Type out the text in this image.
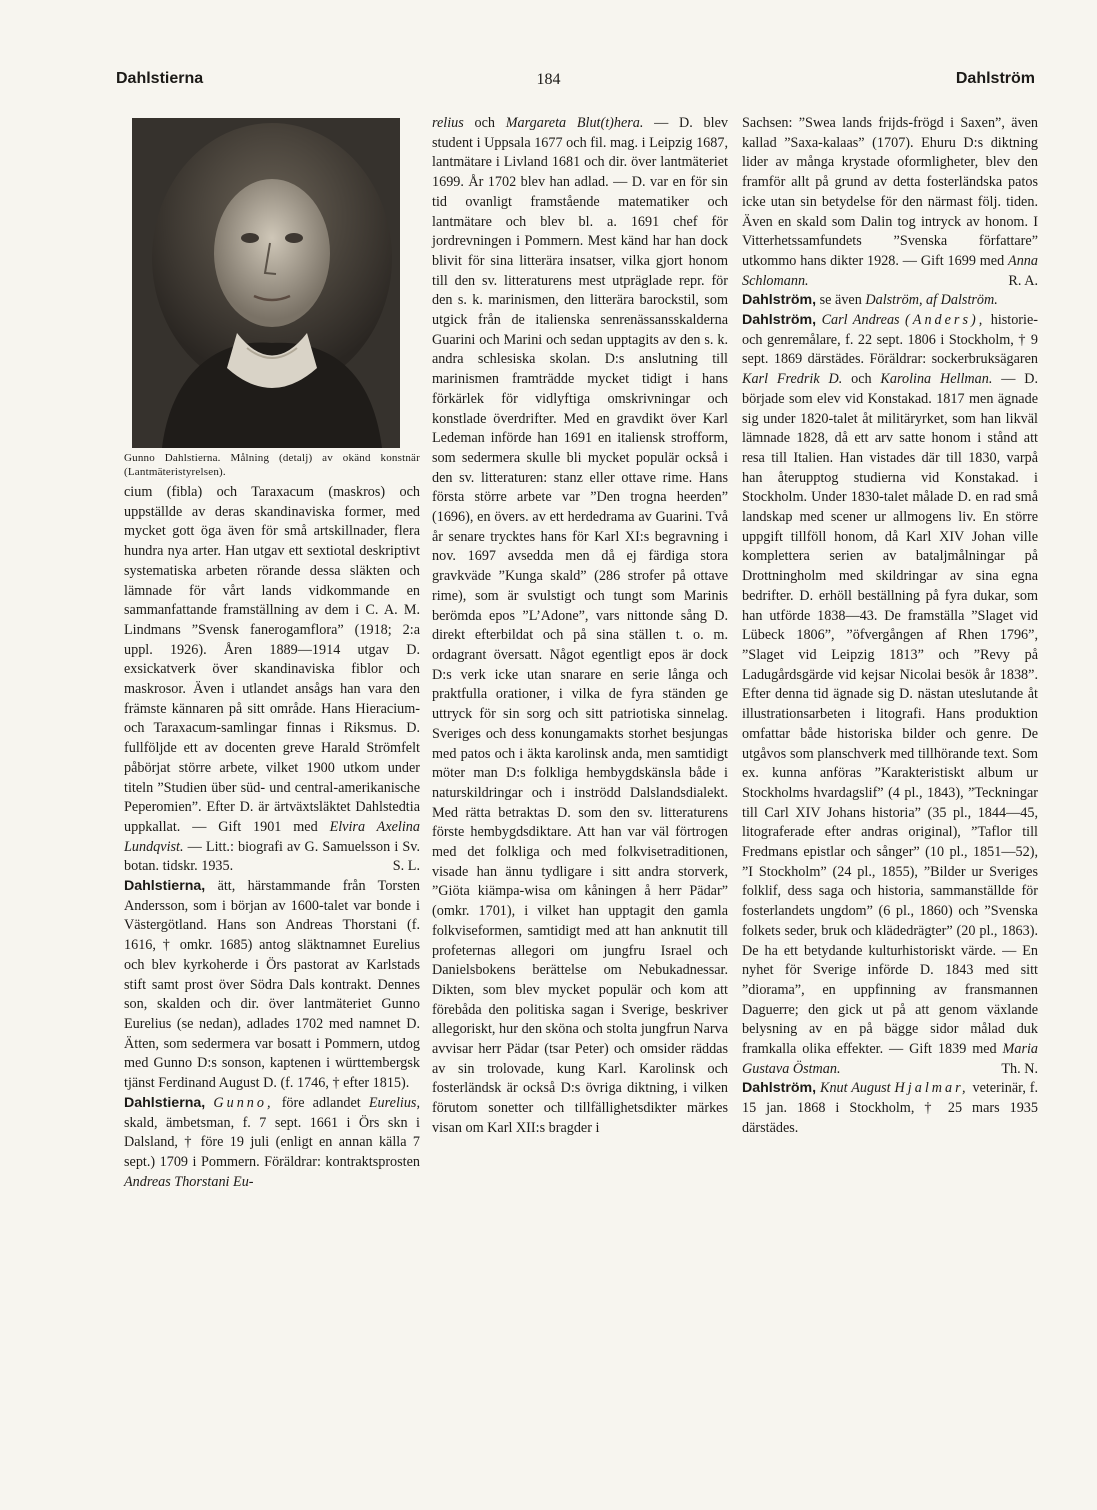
Dahlstierna	184	Dahlström
Gunno Dahlstierna. Målning (detalj) av okänd konstnär (Lantmäteristyrelsen).

cium (fibla) och Taraxacum (maskros) och uppställde av deras skandinaviska former, med mycket gott öga även för små artskillnader, flera hundra nya arter. Han utgav ett sextiotal deskriptivt systematiska arbeten rörande dessa släkten och lämnade för vårt lands vidkommande en sammanfattande framställning av dem i C. A. M. Lindmans ”Svensk fanerogamflora” (1918; 2:a uppl. 1926). Åren 1889—1914 utgav D. exsickatverk över skandinaviska fiblor och maskrosor. Även i utlandet ansågs han vara den främste kännaren på sitt område. Hans Hieracium- och Taraxacum-samlingar finnas i Riksmus. D. fullföljde ett av docenten greve Harald Strömfelt påbörjat större arbete, vilket 1900 utkom under titeln ”Studien über süd- und central-amerikanische Peperomien”. Efter D. är ärtväxtsläktet Dahlstedtia uppkallat. — Gift 1901 med Elvira Axelina Lundqvist. — Litt.: biografi av G. Samuelsson i Sv. botan. tidskr. 1935.	S. L.

Dahlstierna, ätt, härstammande från Torsten Andersson, som i början av 1600-talet var bonde i Västergötland. Hans son Andreas Thorstani (f. 1616, † omkr. 1685) antog släktnamnet Eurelius och blev kyrkoherde i Örs pastorat av Karlstads stift samt prost över Södra Dals kontrakt. Dennes son, skalden och dir. över lantmäteriet Gunno Eurelius (se nedan), adlades 1702 med namnet D. Ätten, som sedermera var bosatt i Pommern, utdog med Gunno D:s sonson, kaptenen i württembergsk tjänst Ferdinand August D. (f. 1746, † efter 1815).

Dahlstierna, Gunno, före adlandet Eurelius, skald, ämbetsman, f. 7 sept. 1661 i Örs skn i Dalsland, † före 19 juli (enligt en annan källa 7 sept.) 1709 i Pommern. Föräldrar: kontraktsprosten Andreas Thorstani Eu-

relius och Margareta Blut(t)hera. — D. blev student i Uppsala 1677 och fil. mag. i Leipzig 1687, lantmätare i Livland 1681 och dir. över lantmäteriet 1699. År 1702 blev han adlad. — D. var en för sin tid ovanligt framstående matematiker och lantmätare och blev bl. a. 1691 chef för jordrevningen i Pommern. Mest känd har han dock blivit för sina litterära insatser, vilka gjort honom till den sv. litteraturens mest utpräglade repr. för den s. k. marinismen, den litterära barockstil, som utgick från de italienska senrenässansskalderna Guarini och Marini och sedan upptagits av den s. k. andra schlesiska skolan. D:s anslutning till marinismen framträdde mycket tidigt i hans förkärlek för vidlyftiga omskrivningar och konstlade överdrifter. Med en gravdikt över Karl Ledeman införde han 1691 en italiensk strofform, som sedermera skulle bli mycket populär också i den sv. litteraturen: stanz eller ottave rime. Hans första större arbete var ”Den trogna heerden” (1696), en övers. av ett herdedrama av Guarini. Två år senare trycktes hans för Karl XI:s begravning i nov. 1697 avsedda men då ej färdiga stora gravkväde ”Kunga skald” (286 strofer på ottave rime), som är svulstigt och tungt som Marinis berömda epos ”L’Adone”, vars nittonde sång D. direkt efterbildat och på sina ställen t. o. m. ordagrant översatt. Något egentligt epos är dock D:s verk icke utan snarare en serie långa och praktfulla orationer, i vilka de fyra ständen ge uttryck för sin sorg och sitt patriotiska sinnelag. Sveriges och dess konungamakts storhet besjungas med patos och i äkta karolinsk anda, men samtidigt möter man D:s folkliga hembygdskänsla både i naturskildringar och i inströdd Dalslandsdialekt. Med rätta betraktas D. som den sv. litteraturens förste hembygdsdiktare. Att han var väl förtrogen med det folkliga och med folkvisetraditionen, visade han ännu tydligare i sitt andra storverk, ”Giöta kiämpa-wisa om kåningen å herr Pädar” (omkr. 1701), i vilket han upptagit den gamla folkviseformen, samtidigt med att han anknutit till profeternas allegori om jungfru Israel och Danielsbokens berättelse om Nebukadnessar. Dikten, som blev mycket populär och kom att förebåda den politiska sagan i Sverige, beskriver allegoriskt, hur den sköna och stolta jungfrun Narva avvisar herr Pädar (tsar Peter) och omsider räddas av sin trolovade, kung Karl. Karolinsk och fosterländsk är också D:s övriga diktning, i vilken förutom sonetter och tillfällighetsdikter märkes visan om Karl XII:s bragder i

Sachsen: ”Swea lands frijds-frögd i Saxen”, även kallad ”Saxa-kalaas” (1707). Ehuru D:s diktning lider av många krystade oformligheter, blev den framför allt på grund av detta fosterländska patos icke utan sin betydelse för den närmast följ. tiden. Även en skald som Dalin tog intryck av honom. I Vitterhetssamfundets ”Svenska författare” utkommo hans dikter 1928. — Gift 1699 med Anna Schlomann.	R. A.

Dahlström, se även Dalström, af Dalström.

Dahlström, Carl Andreas (Anders), historie- och genremålare, f. 22 sept. 1806 i Stockholm, † 9 sept. 1869 därstädes. Föräldrar: sockerbruksägaren Karl Fredrik D. och Karolina Hellman. — D. började som elev vid Konstakad. 1817 men ägnade sig under 1820-talet åt militäryrket, som han likväl lämnade 1828, då ett arv satte honom i stånd att resa till Italien. Han vistades där till 1830, varpå han återupptog studierna vid Konstakad. i Stockholm. Under 1830-talet målade D. en rad små landskap med scener ur allmogens liv. En större uppgift tillföll honom, då Karl XIV Johan ville komplettera serien av bataljmålningar på Drottningholm med skildringar av sina egna bedrifter. D. erhöll beställning på fyra dukar, som han utförde 1838—43. De framställa ”Slaget vid Lübeck 1806”, ”öfvergången af Rhen 1796”, ”Slaget vid Leipzig 1813” och ”Revy på Ladugårdsgärde vid kejsar Nicolai besök år 1838”. Efter denna tid ägnade sig D. nästan uteslutande åt illustrationsarbeten i litografi. Hans produktion omfattar både historiska bilder och genre. De utgåvos som planschverk med tillhörande text. Som ex. kunna anföras ”Karakteristiskt album ur Stockholms hvardagslif” (4 pl., 1843), ”Teckningar till Carl XIV Johans historia” (35 pl., 1844—45, litograferade efter andras original), ”Taflor till Fredmans epistlar och sånger” (10 pl., 1851—52), ”I Stockholm” (24 pl., 1855), ”Bilder ur Sveriges folklif, dess saga och historia, sammanställde för fosterlandets ungdom” (6 pl., 1860) och ”Svenska folkets seder, bruk och klädedrägter” (20 pl., 1863). De ha ett betydande kulturhistoriskt värde. — En nyhet för Sverige införde D. 1843 med sitt ”diorama”, en uppfinning av fransmannen Daguerre; den gick ut på att genom växlande belysning av en på bägge sidor målad duk framkalla olika effekter. — Gift 1839 med Maria Gustava Östman.	Th. N.

Dahlström, Knut August Hjalmar, veterinär, f. 15 jan. 1868 i Stockholm, † 25 mars 1935 därstädes.
